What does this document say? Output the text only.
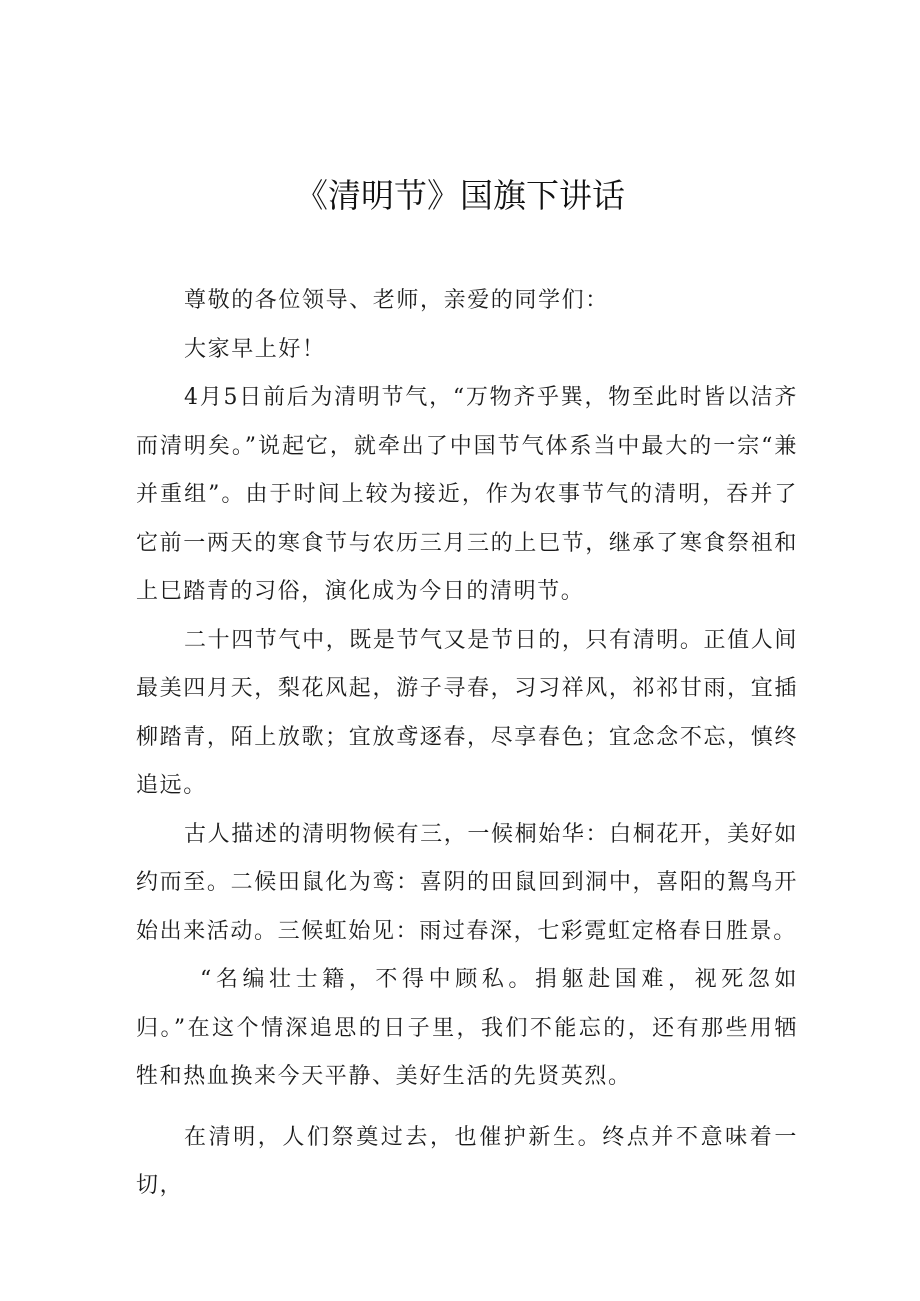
《清明节》国旗下讲话

尊敬的各位领导、老师，亲爱的同学们：

大家早上好！

4月5日前后为清明节气，“万物齐乎巽，物至此时皆以洁齐而清明矣。”说起它，就牵出了中国节气体系当中最大的一宗“兼并重组”。由于时间上较为接近，作为农事节气的清明，吞并了它前一两天的寒食节与农历三月三的上巳节，继承了寒食祭祖和上巳踏青的习俗，演化成为今日的清明节。

二十四节气中，既是节气又是节日的，只有清明。正值人间最美四月天，梨花风起，游子寻春，习习祥风，祁祁甘雨，宜插柳踏青，陌上放歌；宜放鸢逐春，尽享春色；宜念念不忘，慎终追远。

古人描述的清明物候有三，一候桐始华：白桐花开，美好如约而至。二候田鼠化为鸾：喜阴的田鼠回到洞中，喜阳的鴽鸟开始出来活动。三候虹始见：雨过春深，七彩霓虹定格春日胜景。

“名编壮士籍，不得中顾私。捐躯赴国难，视死忽如归。”在这个情深追思的日子里，我们不能忘的，还有那些用牺牲和热血换来今天平静、美好生活的先贤英烈。

在清明，人们祭奠过去，也催护新生。终点并不意味着一切，
